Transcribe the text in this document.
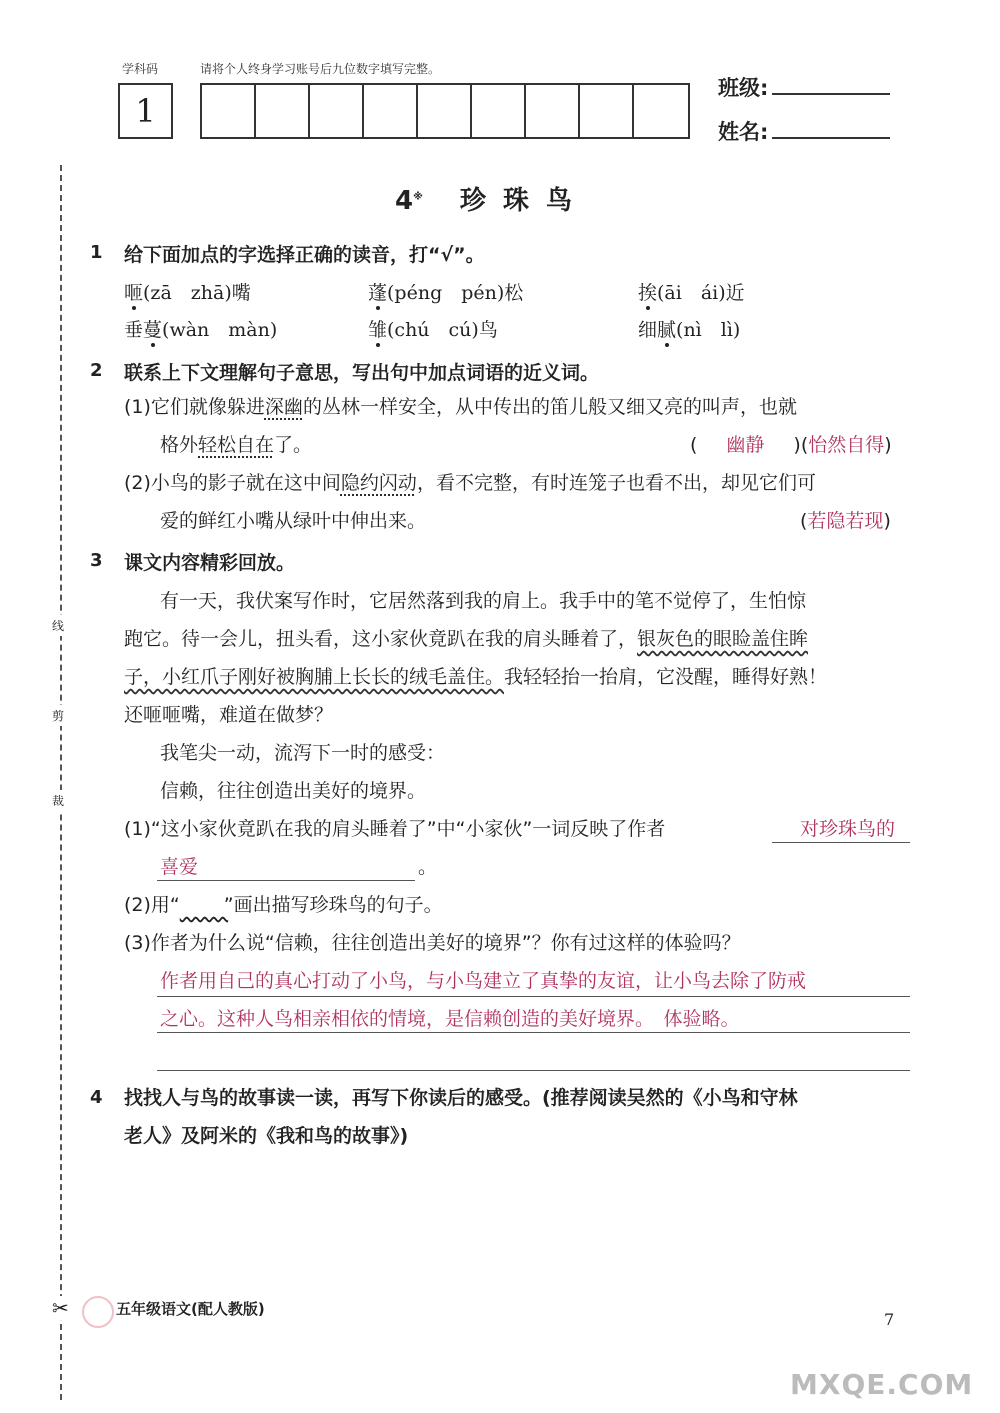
学科码	请将个人终身学习账号后九位数字填写完整。
1
班级:
姓名:
线
剪
裁
✂
4※ 珍 珠 鸟
1 给下面加点的字选择正确的读音，打“√”。
咂(zā　zhā)嘴	蓬(péng　pén)松	挨(āi　ái)近
垂蔓(wàn　màn)	雏(chú　cú)鸟	细腻(nì　lì)
2 联系上下文理解句子意思，写出句中加点词语的近义词。
(1)它们就像躲进深幽的丛林一样安全，从中传出的笛儿般又细又亮的叫声，也就
格外轻松自在了。	( 幽静 )(怡然自得)
(2)小鸟的影子就在这中间隐约闪动，看不完整，有时连笼子也看不出，却见它们可
爱的鲜红小嘴从绿叶中伸出来。	(若隐若现)
3 课文内容精彩回放。
有一天，我伏案写作时，它居然落到我的肩上。我手中的笔不觉停了，生怕惊
跑它。待一会儿，扭头看，这小家伙竟趴在我的肩头睡着了，银灰色的眼睑盖住眸
子，小红爪子刚好被胸脯上长长的绒毛盖住。我轻轻抬一抬肩，它没醒，睡得好熟！
还咂咂嘴，难道在做梦？
我笔尖一动，流泻下一时的感受：
信赖，往往创造出美好的境界。
(1)“这小家伙竟趴在我的肩头睡着了”中“小家伙”一词反映了作者	对珍珠鸟的
喜爱	。
(2)用“ ”画出描写珍珠鸟的句子。
(3)作者为什么说“信赖，往往创造出美好的境界”？你有过这样的体验吗？
作者用自己的真心打动了小鸟，与小鸟建立了真挚的友谊，让小鸟去除了防戒
之心。这种人鸟相亲相依的情境，是信赖创造的美好境界。　体验略。
4 找找人与鸟的故事读一读，再写下你读后的感受。(推荐阅读吴然的《小鸟和守林
老人》及阿米的《我和鸟的故事》)
五年级语文(配人教版)
7
MXQE.COM
